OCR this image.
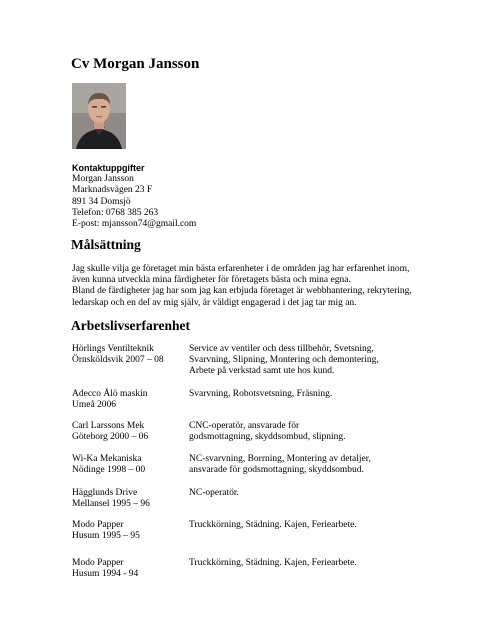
Cv Morgan Jansson
Kontaktuppgifter
Morgan Jansson
Marknadsvägen 23 F
891 34 Domsjö
Telefon: 0768 385 263
E-post: mjansson74@gmail.com
Målsättning
Jag skulle vilja ge företaget min bästa erfarenheter i de områden jag har erfarenhet inom,
även kunna utveckla mina färdigheter för företagets bästa och mina egna.
Bland de färdigheter jag har som jag kan erbjuda företaget är webbhantering, rekrytering,
ledarskap och en del av mig själv, är väldigt engagerad i det jag tar mig an.
Arbetslivserfarenhet
Hörlings Ventilteknik
Örnsköldsvik 2007 – 08
Service av ventiler och dess tillbehör, Svetsning,
Svarvning, Slipning, Montering och demontering,
Arbete på verkstad samt ute hos kund.
Adecco Ålö maskin
Umeå 2006
Svarvning, Robotsvetsning, Fräsning.
Carl Larssons Mek
Göteborg 2000 – 06
CNC-operatör, ansvarade för
godsmottagning, skyddsombud, slipning.
Wi-Ka Mekaniska
Nödinge 1998 – 00
NC-svarvning, Borrning, Montering av detaljer,
ansvarade för godsmottagning, skyddsombud.
Hägglunds Drive
Mellansel 1995 – 96
NC-operatör.
Modo Papper
Husum 1995 – 95
Truckkörning, Städning. Kajen, Feriearbete.
Modo Papper
Husum 1994 - 94
Truckkörning, Städning. Kajen, Feriearbete.
